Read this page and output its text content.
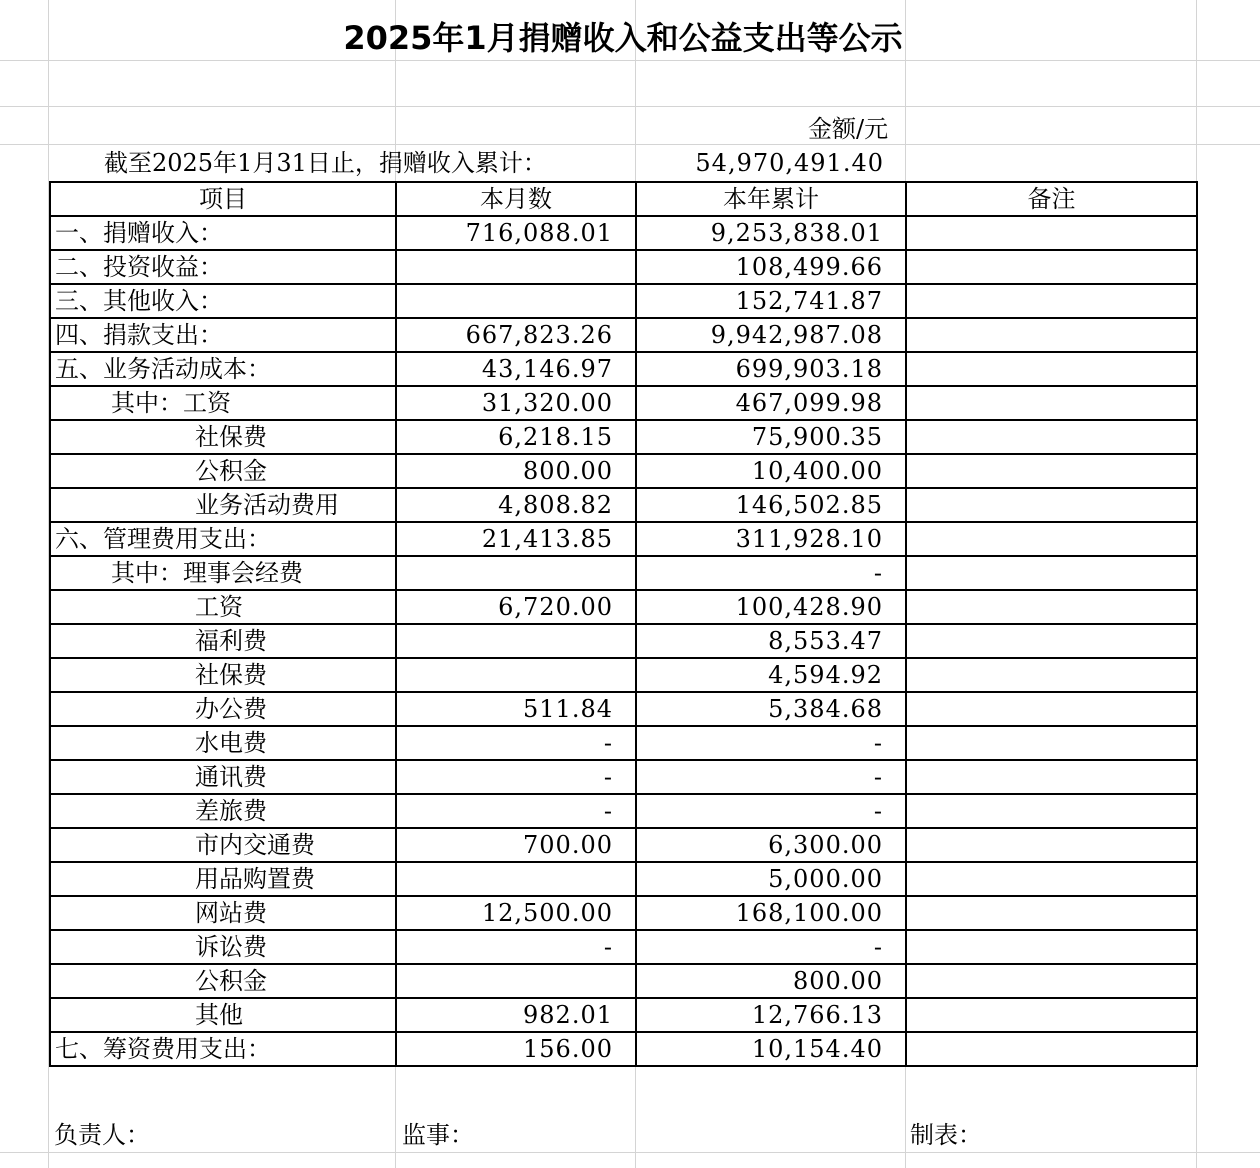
2025年1月捐赠收入和公益支出等公示
金额/元
截至2025年1月31日止，捐赠收入累计：	54,970,491.40
项目	本月数	本年累计	备注
一、捐赠收入：	716,088.01	9,253,838.01	
二、投资收益：		108,499.66	
三、其他收入：		152,741.87	
四、捐款支出：	667,823.26	9,942,987.08	
五、业务活动成本：	43,146.97	699,903.18	
其中：工资	31,320.00	467,099.98	
社保费	6,218.15	75,900.35	
公积金	800.00	10,400.00	
业务活动费用	4,808.82	146,502.85	
六、管理费用支出：	21,413.85	311,928.10	
其中：理事会经费		-	
工资	6,720.00	100,428.90	
福利费		8,553.47	
社保费		4,594.92	
办公费	511.84	5,384.68	
水电费	-	-	
通讯费	-	-	
差旅费	-	-	
市内交通费	700.00	6,300.00	
用品购置费		5,000.00	
网站费	12,500.00	168,100.00	
诉讼费	-	-	
公积金		800.00	
其他	982.01	12,766.13	
七、筹资费用支出：	156.00	10,154.40	
负责人：	监事：	制表：
